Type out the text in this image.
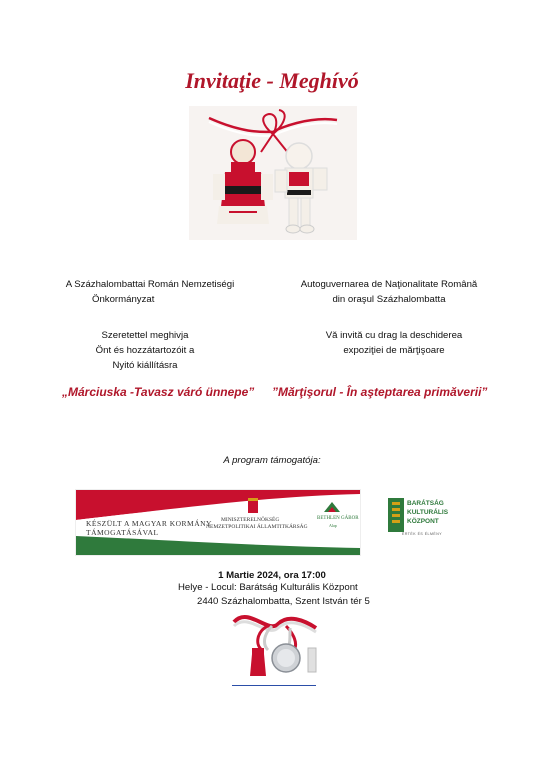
Invitaţie - Meghívó
A Százhalombattai Román Nemzetiségi
Önkormányzat
Szeretettel meghivja
Önt és hozzátartozóit a
Nyitó kiállításra
„Márciuska -Tavasz váró ünnepe”
Autoguvernarea de Naţionalitate Română
din oraşul Százhalombatta
Vă invită cu drag la deschiderea
expoziţiei de mărţişoare
”Mărţişorul - În aşteptarea primăverii”
A program támogatója:
KÉSZÜLT A MAGYAR KORMÁNY
TÁMOGATÁSÁVAL
MINISZTERELNÖKSÉG
NEMZETPOLITIKAI ÁLLAMTITKÁRSÁG
BETHLEN GÁBOR
Alap
BARÁTSÁG
KULTURÁLIS
KÖZPONT
ÉRTÉK ÉS ÉLMÉNY
1 Martie 2024, ora 17:00
Helye - Locul: Barátság Kulturális Központ
2440 Százhalombatta, Szent István tér 5
